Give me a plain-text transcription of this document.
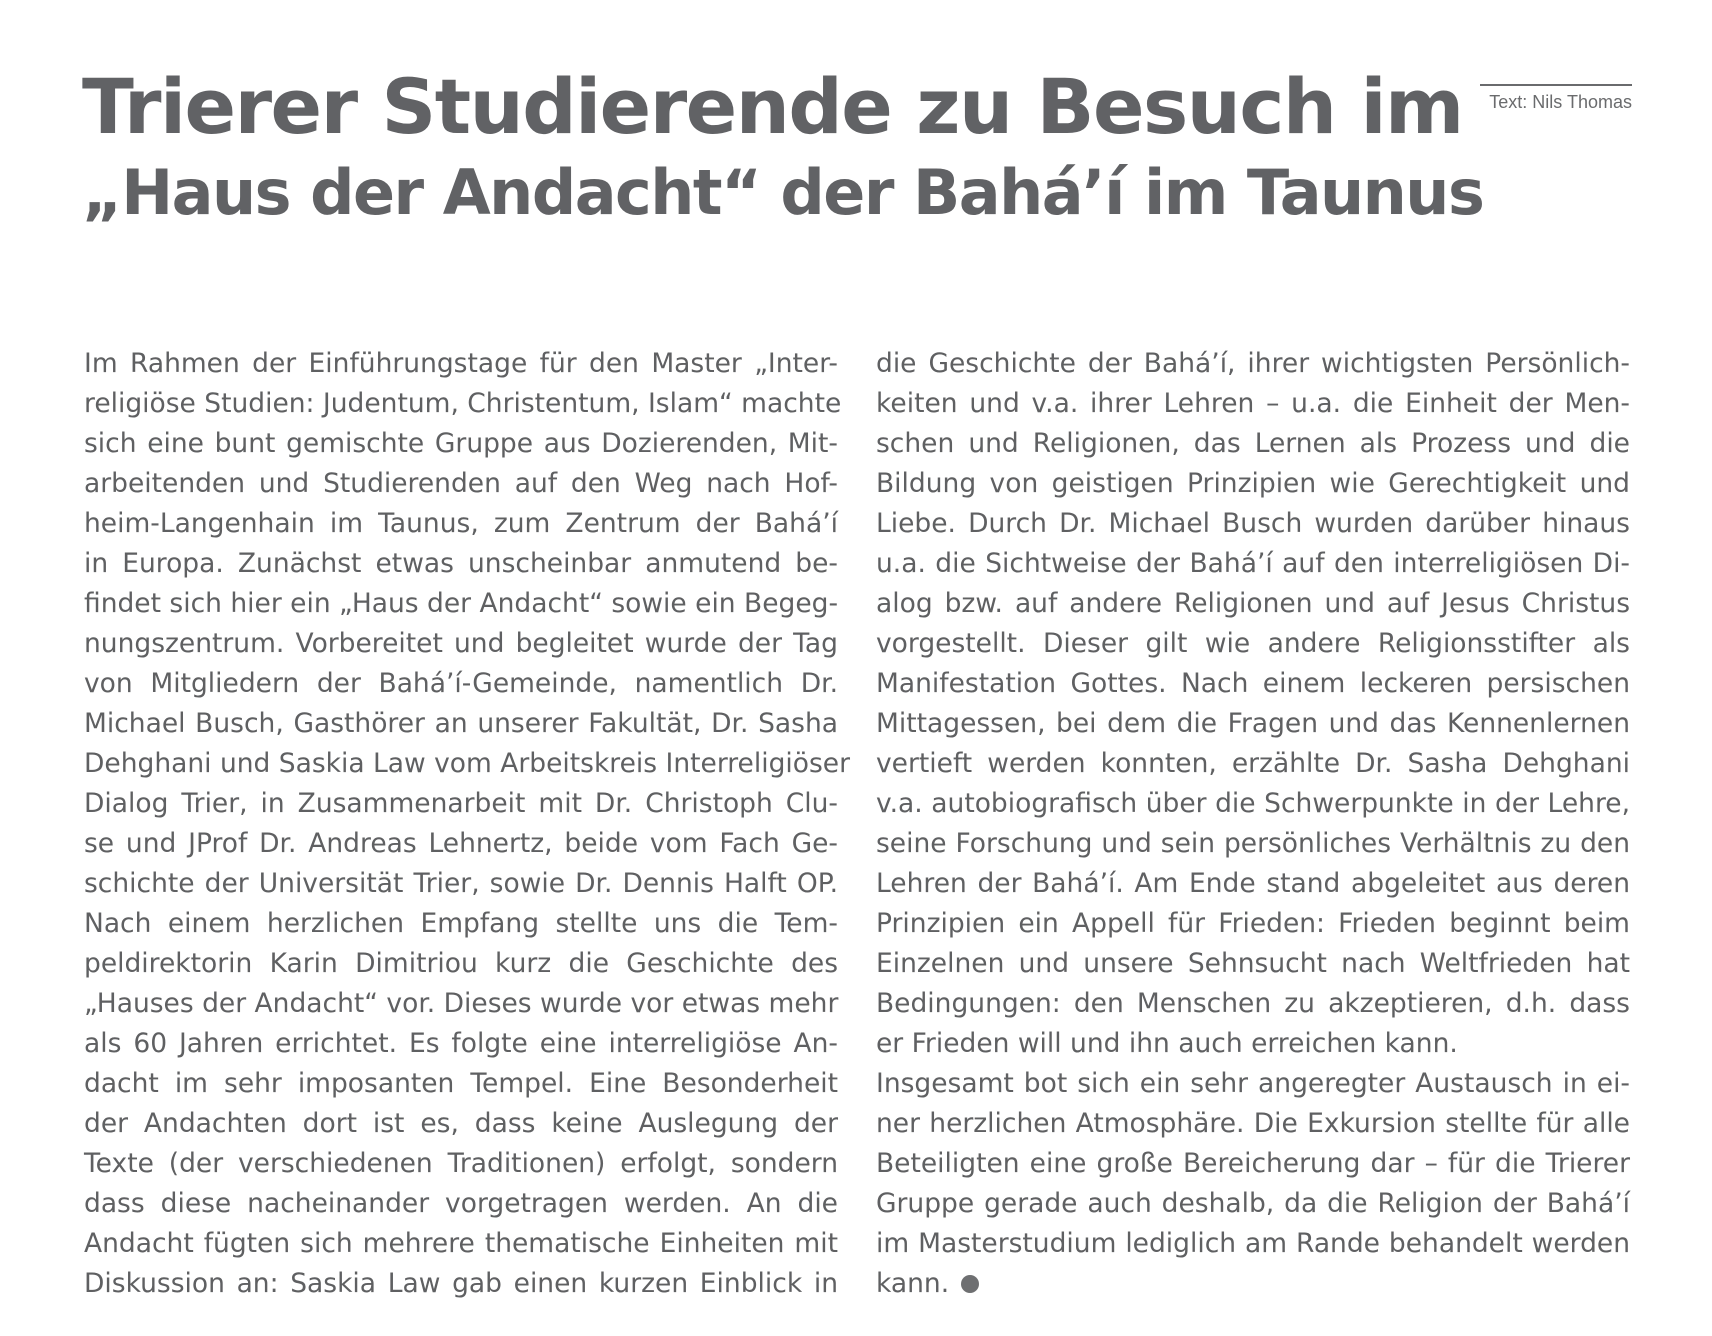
Trierer Studierende zu Besuch im
„Haus der Andacht“ der Bahá’í im Taunus
Text: Nils Thomas
Im Rahmen der Einführungstage für den Master „Inter-
religiöse Studien: Judentum, Christentum, Islam“ machte
sich eine bunt gemischte Gruppe aus Dozierenden, Mit-
arbeitenden und Studierenden auf den Weg nach Hof-
heim-Langenhain im Taunus, zum Zentrum der Bahá’í
in Europa. Zunächst etwas unscheinbar anmutend be-
findet sich hier ein „Haus der Andacht“ sowie ein Begeg-
nungszentrum. Vorbereitet und begleitet wurde der Tag
von Mitgliedern der Bahá’í-Gemeinde, namentlich Dr.
Michael Busch, Gasthörer an unserer Fakultät, Dr. Sasha
Dehghani und Saskia Law vom Arbeitskreis Interreligiöser
Dialog Trier, in Zusammenarbeit mit Dr. Christoph Clu-
se und JProf Dr. Andreas Lehnertz, beide vom Fach Ge-
schichte der Universität Trier, sowie Dr. Dennis Halft OP.
Nach einem herzlichen Empfang stellte uns die Tem-
peldirektorin Karin Dimitriou kurz die Geschichte des
„Hauses der Andacht“ vor. Dieses wurde vor etwas mehr
als 60 Jahren errichtet. Es folgte eine interreligiöse An-
dacht im sehr imposanten Tempel. Eine Besonderheit
der Andachten dort ist es, dass keine Auslegung der
Texte (der verschiedenen Traditionen) erfolgt, sondern
dass diese nacheinander vorgetragen werden. An die
Andacht fügten sich mehrere thematische Einheiten mit
Diskussion an: Saskia Law gab einen kurzen Einblick in
die Geschichte der Bahá’í, ihrer wichtigsten Persönlich-
keiten und v.a. ihrer Lehren – u.a. die Einheit der Men-
schen und Religionen, das Lernen als Prozess und die
Bildung von geistigen Prinzipien wie Gerechtigkeit und
Liebe. Durch Dr. Michael Busch wurden darüber hinaus
u.a. die Sichtweise der Bahá’í auf den interreligiösen Di-
alog bzw. auf andere Religionen und auf Jesus Christus
vorgestellt. Dieser gilt wie andere Religionsstifter als
Manifestation Gottes. Nach einem leckeren persischen
Mittagessen, bei dem die Fragen und das Kennenlernen
vertieft werden konnten, erzählte Dr. Sasha Dehghani
v.a. autobiografisch über die Schwerpunkte in der Lehre,
seine Forschung und sein persönliches Verhältnis zu den
Lehren der Bahá’í. Am Ende stand abgeleitet aus deren
Prinzipien ein Appell für Frieden: Frieden beginnt beim
Einzelnen und unsere Sehnsucht nach Weltfrieden hat
Bedingungen: den Menschen zu akzeptieren, d.h. dass
er Frieden will und ihn auch erreichen kann.
Insgesamt bot sich ein sehr angeregter Austausch in ei-
ner herzlichen Atmosphäre. Die Exkursion stellte für alle
Beteiligten eine große Bereicherung dar – für die Trierer
Gruppe gerade auch deshalb, da die Religion der Bahá’í
im Masterstudium lediglich am Rande behandelt werden
kann.
